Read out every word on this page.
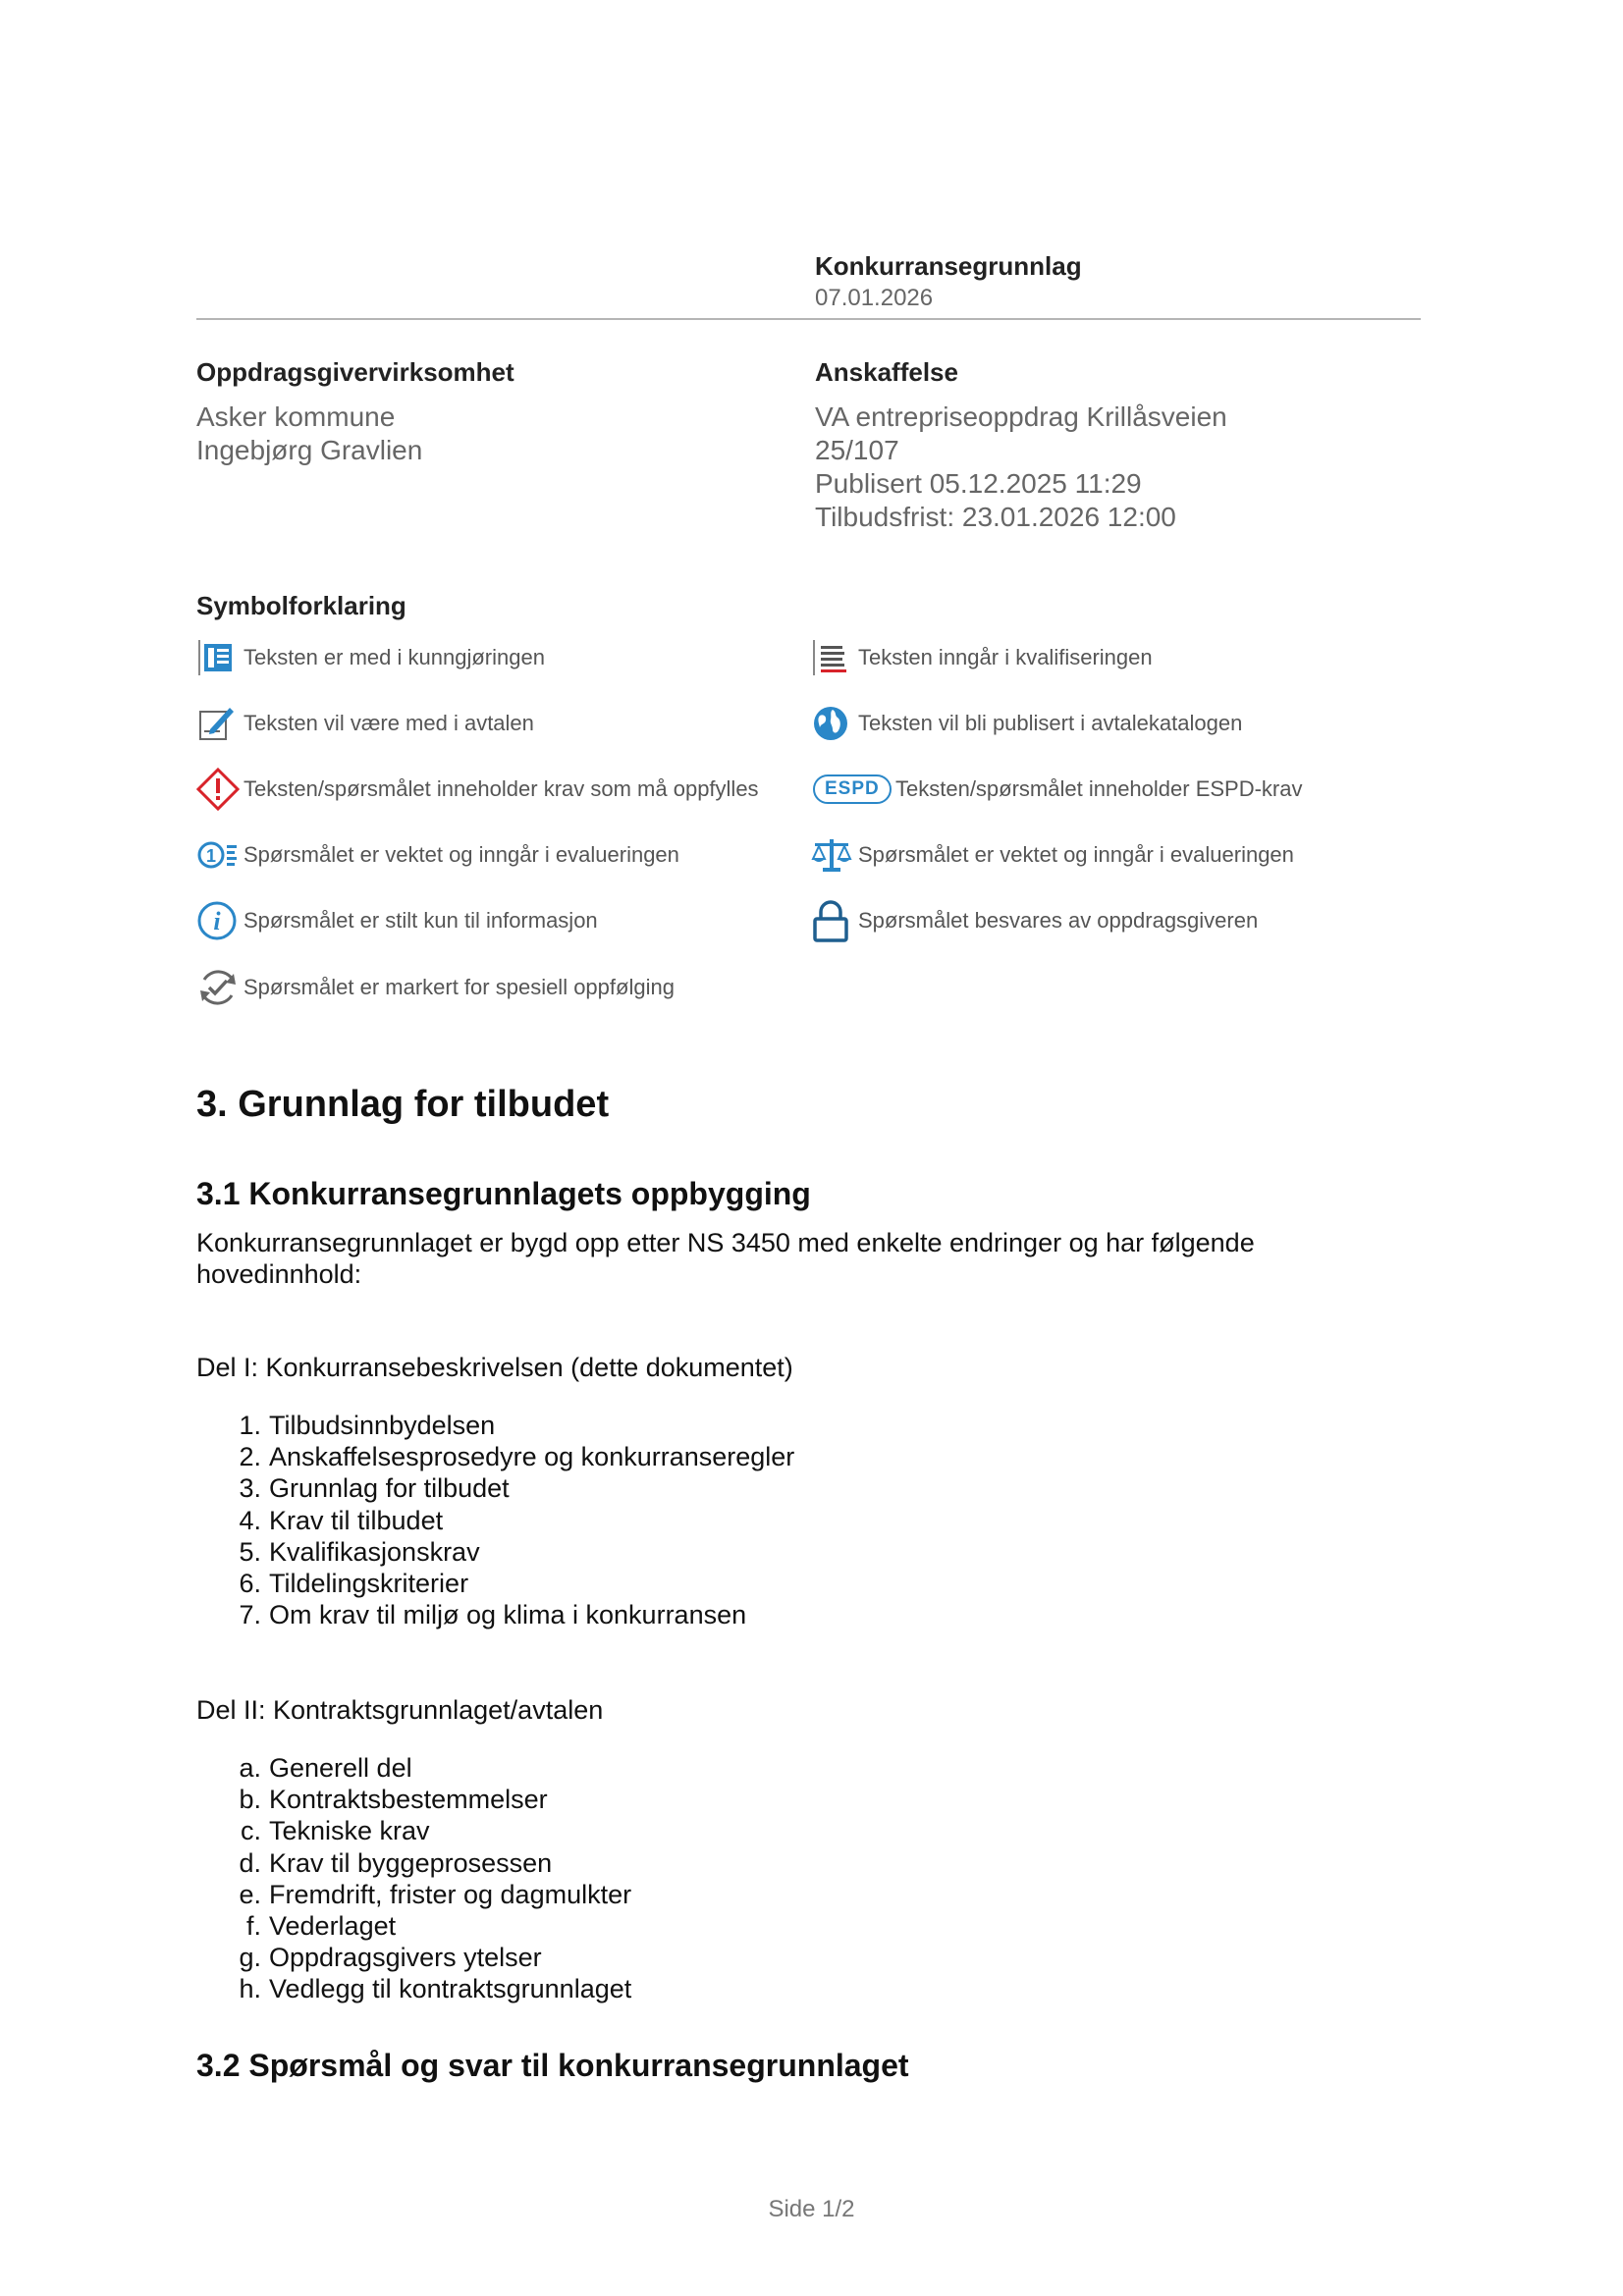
Konkurransegrunnlag
07.01.2026
Oppdragsgivervirksomhet
Asker kommune
Ingebjørg Gravlien
Anskaffelse
VA entrepriseoppdrag Krillåsveien
25/107
Publisert 05.12.2025 11:29
Tilbudsfrist: 23.01.2026 12:00
Symbolforklaring
Teksten er med i kunngjøringen	Teksten inngår i kvalifiseringen
Teksten vil være med i avtalen	Teksten vil bli publisert i avtalekatalogen
Teksten/spørsmålet inneholder krav som må oppfylles	ESPD Teksten/spørsmålet inneholder ESPD-krav
1 Spørsmålet er vektet og inngår i evalueringen	Spørsmålet er vektet og inngår i evalueringen
i Spørsmålet er stilt kun til informasjon	Spørsmålet besvares av oppdragsgiveren
Spørsmålet er markert for spesiell oppfølging
3. Grunnlag for tilbudet
3.1 Konkurransegrunnlagets oppbygging
Konkurransegrunnlaget er bygd opp etter NS 3450 med enkelte endringer og har følgende
hovedinnhold:
Del I: Konkurransebeskrivelsen (dette dokumentet)
1. Tilbudsinnbydelsen
2. Anskaffelsesprosedyre og konkurranseregler
3. Grunnlag for tilbudet
4. Krav til tilbudet
5. Kvalifikasjonskrav
6. Tildelingskriterier
7. Om krav til miljø og klima i konkurransen
Del II: Kontraktsgrunnlaget/avtalen
a. Generell del
b. Kontraktsbestemmelser
c. Tekniske krav
d. Krav til byggeprosessen
e. Fremdrift, frister og dagmulkter
f. Vederlaget
g. Oppdragsgivers ytelser
h. Vedlegg til kontraktsgrunnlaget
3.2 Spørsmål og svar til konkurransegrunnlaget
Side 1/2
